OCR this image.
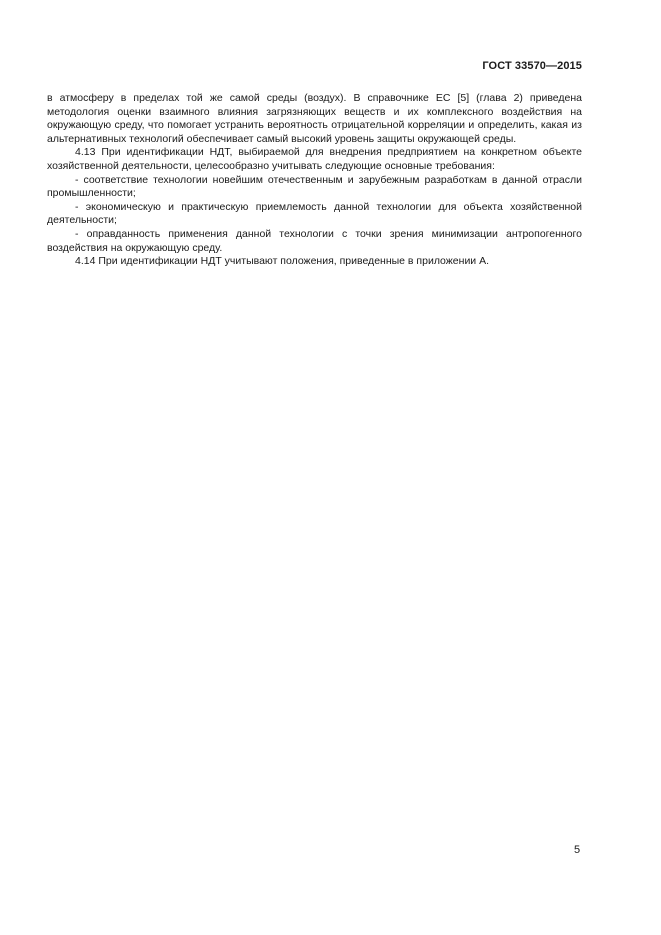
ГОСТ 33570—2015

в атмосферу в пределах той же самой среды (воздух). В справочнике ЕС [5] (глава 2) приведена методология оценки взаимного влияния загрязняющих веществ и их комплексного воздействия на окружающую среду, что помогает устранить вероятность отрицательной корреляции и определить, какая из альтернативных технологий обеспечивает самый высокий уровень защиты окружающей среды.

4.13 При идентификации НДТ, выбираемой для внедрения предприятием на конкретном объекте хозяйственной деятельности, целесообразно учитывать следующие основные требования:

- соответствие технологии новейшим отечественным и зарубежным разработкам в данной отрасли промышленности;

- экономическую и практическую приемлемость данной технологии для объекта хозяйственной деятельности;

- оправданность применения данной технологии с точки зрения минимизации антропогенного воздействия на окружающую среду.

4.14 При идентификации НДТ учитывают положения, приведенные в приложении А.

5
